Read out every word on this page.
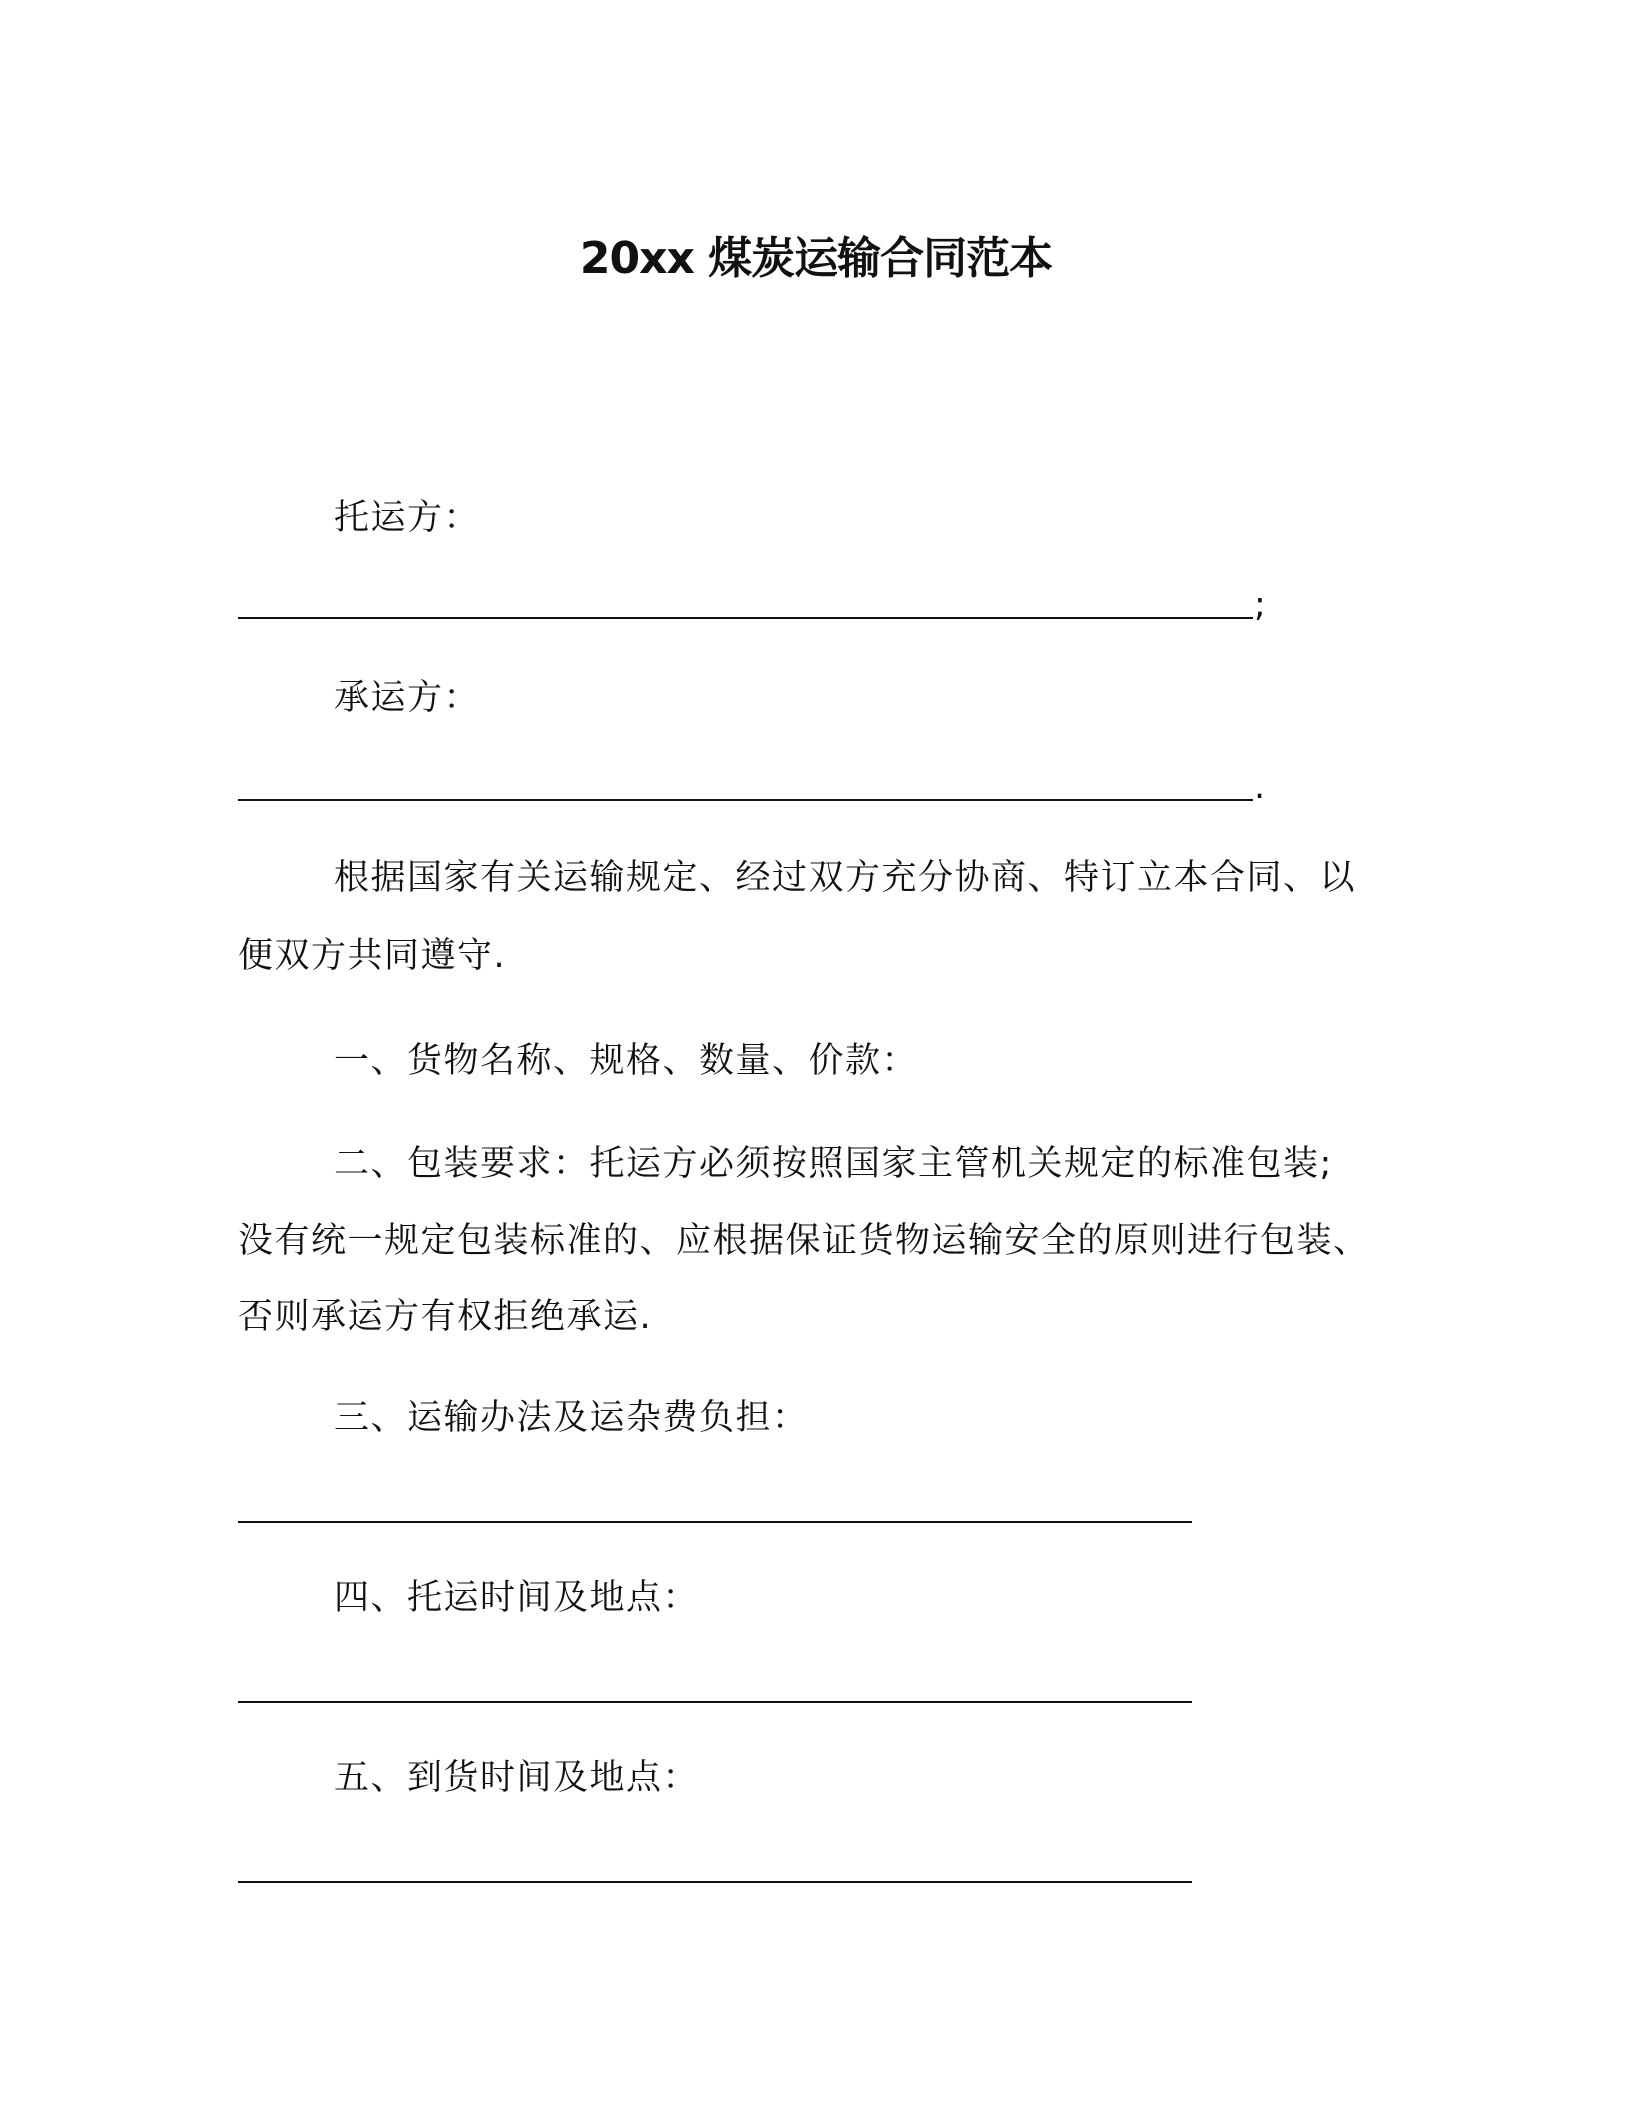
20xx 煤炭运输合同范本
托运方：
;
承运方：
.
根据国家有关运输规定、经过双方充分协商、特订立本合同、以
便双方共同遵守.
一、货物名称、规格、数量、价款：
二、包装要求：托运方必须按照国家主管机关规定的标准包装;
没有统一规定包装标准的、应根据保证货物运输安全的原则进行包装、
否则承运方有权拒绝承运.
三、运输办法及运杂费负担：
四、托运时间及地点：
五、到货时间及地点：
